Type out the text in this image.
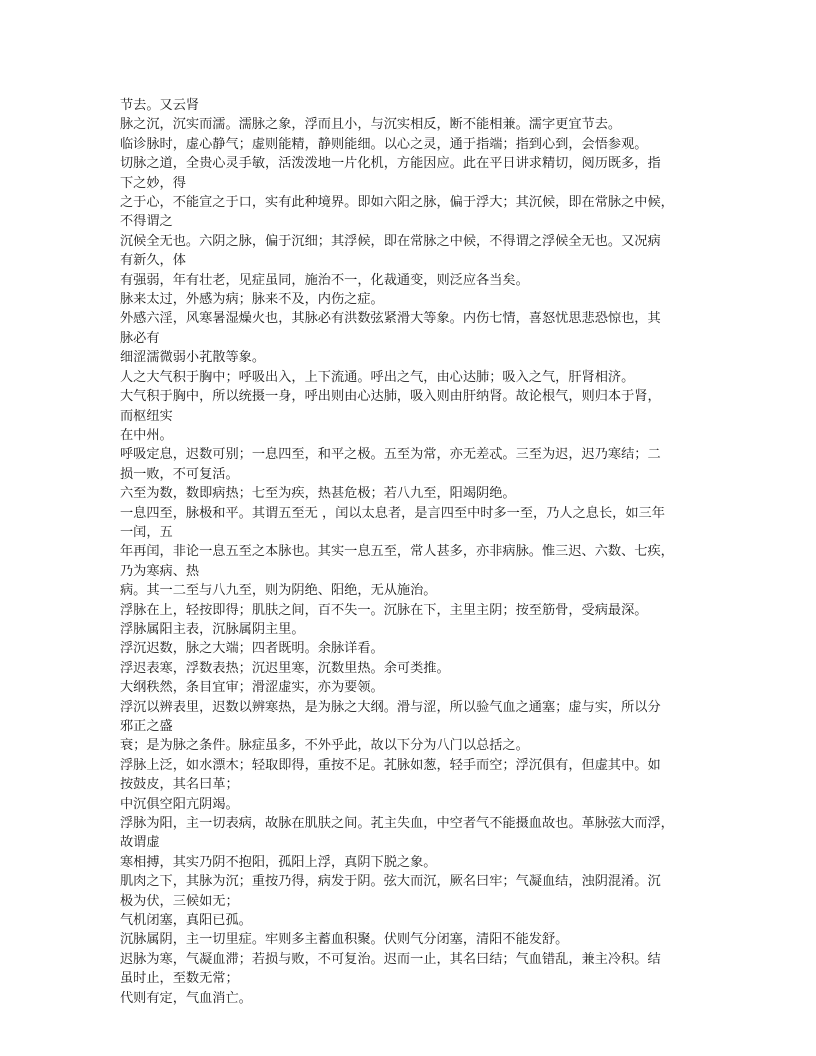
节去。又云肾
脉之沉，沉实而濡。濡脉之象，浮而且小，与沉实相反，断不能相兼。濡字更宜节去。
临诊脉时，虚心静气；虚则能精，静则能细。以心之灵，通于指端；指到心到，会悟参观。
切脉之道，全贵心灵手敏，活泼泼地一片化机，方能因应。此在平日讲求精切，阅历既多，指
下之妙，得
之于心，不能宣之于口，实有此种境界。即如六阳之脉，偏于浮大；其沉候，即在常脉之中候，
不得谓之
沉候全无也。六阴之脉，偏于沉细；其浮候，即在常脉之中候，不得谓之浮候全无也。又况病
有新久，体
有强弱，年有壮老，见症虽同，施治不一，化裁通变，则泛应各当矣。
脉来太过，外感为病；脉来不及，内伤之症。
外感六淫，风寒暑湿燥火也，其脉必有洪数弦紧滑大等象。内伤七情，喜怒忧思悲恐惊也，其
脉必有
细涩濡微弱小芤散等象。
人之大气积于胸中；呼吸出入，上下流通。呼出之气，由心达肺；吸入之气，肝肾相济。
大气积于胸中，所以统摄一身，呼出则由心达肺，吸入则由肝纳肾。故论根气，则归本于肾，
而枢纽实
在中州。
呼吸定息，迟数可别；一息四至，和平之极。五至为常，亦无差忒。三至为迟，迟乃寒结；二
损一败，不可复活。
六至为数，数即病热；七至为疾，热甚危极；若八九至，阳竭阴绝。
一息四至，脉极和平。其谓五至无 ，闰以太息者，是言四至中时多一至，乃人之息长，如三年
一闰，五
年再闰，非论一息五至之本脉也。其实一息五至，常人甚多，亦非病脉。惟三迟、六数、七疾，
乃为寒病、热
病。其一二至与八九至，则为阴绝、阳绝，无从施治。
浮脉在上，轻按即得；肌肤之间，百不失一。沉脉在下，主里主阴；按至筋骨，受病最深。
浮脉属阳主表，沉脉属阴主里。
浮沉迟数，脉之大端；四者既明。余脉详看。
浮迟表寒，浮数表热；沉迟里寒，沉数里热。余可类推。
大纲秩然，条目宜审；滑涩虚实，亦为要领。
浮沉以辨表里，迟数以辨寒热，是为脉之大纲。滑与涩，所以验气血之通塞；虚与实，所以分
邪正之盛
衰；是为脉之条件。脉症虽多，不外乎此，故以下分为八门以总括之。
浮脉上泛，如水漂木；轻取即得，重按不足。芤脉如葱，轻手而空；浮沉俱有，但虚其中。如
按鼓皮，其名曰革；
中沉俱空阳亢阴竭。
浮脉为阳，主一切表病，故脉在肌肤之间。芤主失血，中空者气不能摄血故也。革脉弦大而浮，
故谓虚
寒相搏，其实乃阴不抱阳，孤阳上浮，真阴下脱之象。
肌肉之下，其脉为沉；重按乃得，病发于阴。弦大而沉，厥名曰牢；气凝血结，浊阴混淆。沉
极为伏，三候如无；
气机闭塞，真阳已孤。
沉脉属阴，主一切里症。牢则多主蓄血积聚。伏则气分闭塞，清阳不能发舒。
迟脉为寒，气凝血滞；若损与败，不可复治。迟而一止，其名曰结；气血错乱，兼主冷积。结
虽时止，至数无常；
代则有定，气血消亡。
